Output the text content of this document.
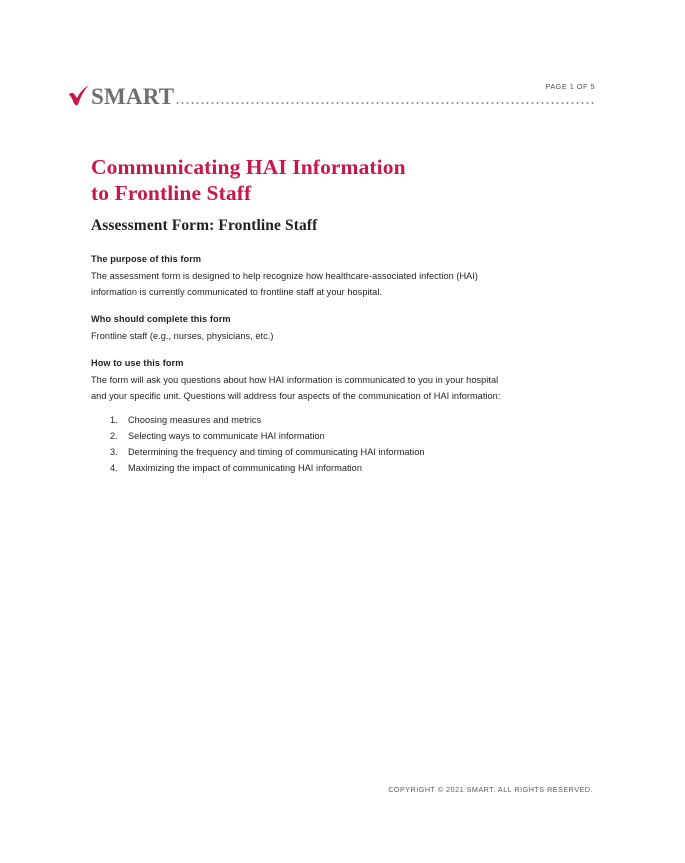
SMART	PAGE 1 OF 5
Communicating HAI Information
to Frontline Staff
Assessment Form: Frontline Staff
The purpose of this form

The assessment form is designed to help recognize how healthcare-associated infection (HAI)
information is currently communicated to frontline staff at your hospital.

Who should complete this form

Frontline staff (e.g., nurses, physicians, etc.)

How to use this form

The form will ask you questions about how HAI information is communicated to you in your hospital
and your specific unit. Questions will address four aspects of the communication of HAI information:

1.	Choosing measures and metrics
2.	Selecting ways to communicate HAI information
3.	Determining the frequency and timing of communicating HAI information
4.	Maximizing the impact of communicating HAI information
COPYRIGHT © 2021 SMART. ALL RIGHTS RESERVED.
